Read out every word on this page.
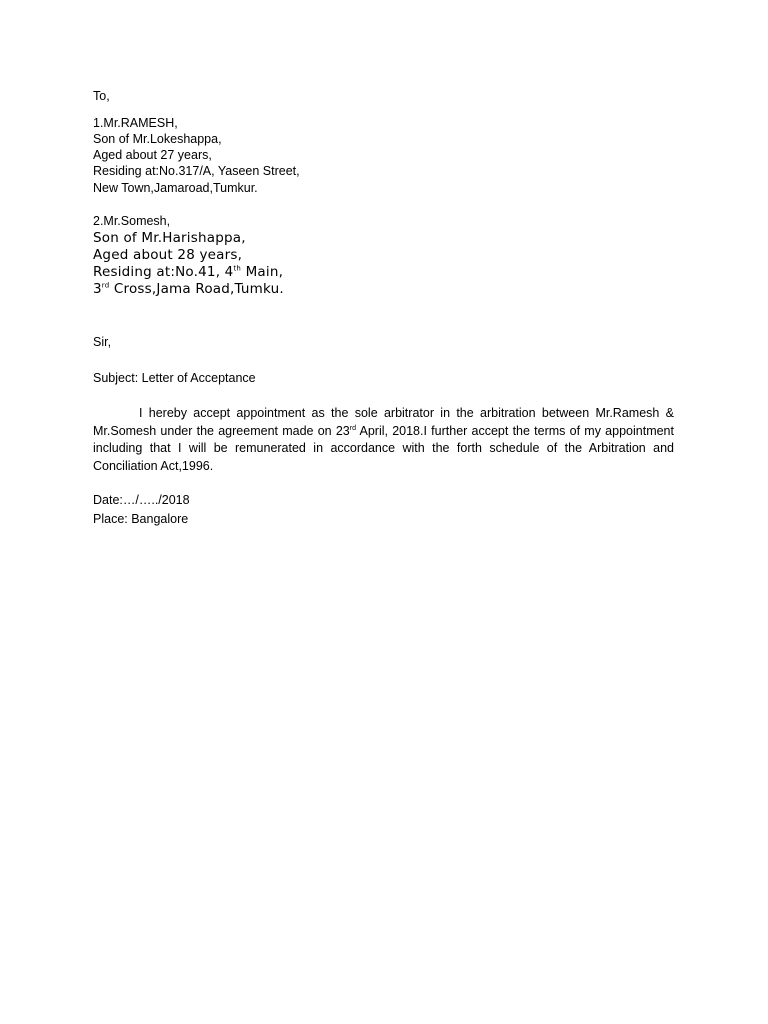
To,
1.Mr.RAMESH,
Son of Mr.Lokeshappa,
Aged about 27 years,
Residing at:No.317/A, Yaseen Street,
New Town,Jamaroad,Tumkur.
2.Mr.Somesh,
Son of Mr.Harishappa,
Aged about 28 years,
Residing at:No.41, 4th Main,
3rd Cross,Jama Road,Tumku.
Sir,
Subject: Letter of Acceptance
I hereby accept appointment as the sole arbitrator in the arbitration between Mr.Ramesh & Mr.Somesh under the agreement made on 23rd April, 2018.I further accept the terms of my appointment including that I will be remunerated in accordance with the forth schedule of the Arbitration and Conciliation Act,1996.
Date:…/…../2018
Place: Bangalore
